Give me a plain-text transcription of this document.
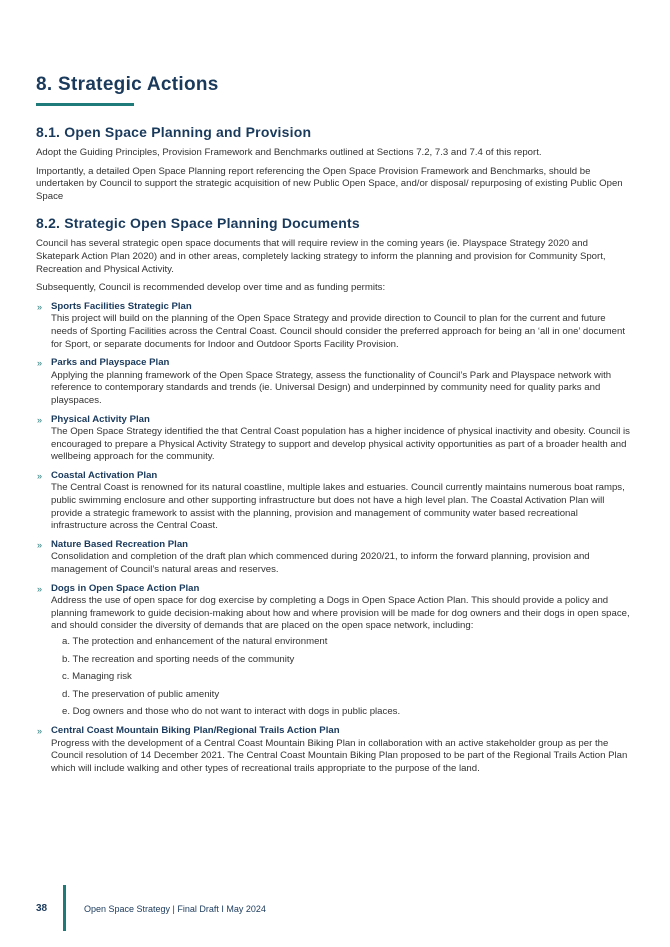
8. Strategic Actions
8.1. Open Space Planning and Provision

Adopt the Guiding Principles, Provision Framework and Benchmarks outlined at Sections 7.2, 7.3 and 7.4 of this report.

Importantly, a detailed Open Space Planning report referencing the Open Space Provision Framework and Benchmarks, should be undertaken by Council to support the strategic acquisition of new Public Open Space, and/or disposal/ repurposing of existing Public Open Space

8.2. Strategic Open Space Planning Documents

Council has several strategic open space documents that will require review in the coming years (ie. Playspace Strategy 2020 and Skatepark Action Plan 2020) and in other areas, completely lacking strategy to inform the planning and provision for Community Sport, Recreation and Physical Activity.

Subsequently, Council is recommended develop over time and as funding permits:

» Sports Facilities Strategic Plan
This project will build on the planning of the Open Space Strategy and provide direction to Council to plan for the current and future needs of Sporting Facilities across the Central Coast. Council should consider the preferred approach for being an ‘all in one’ document for Sport, or separate documents for Indoor and Outdoor Sports Facility Provision.
» Parks and Playspace Plan
Applying the planning framework of the Open Space Strategy, assess the functionality of Council’s Park and Playspace network with reference to contemporary standards and trends (ie. Universal Design) and underpinned by community need for quality parks and playspaces.
» Physical Activity Plan
The Open Space Strategy identified the that Central Coast population has a higher incidence of physical inactivity and obesity. Council is encouraged to prepare a Physical Activity Strategy to support and develop physical activity opportunities as part of a broader health and wellbeing approach for the community.
» Coastal Activation Plan
The Central Coast is renowned for its natural coastline, multiple lakes and estuaries. Council currently maintains numerous boat ramps, public swimming enclosure and other supporting infrastructure but does not have a high level plan. The Coastal Activation Plan will provide a strategic framework to assist with the planning, provision and management of community water based recreational infrastructure across the Central Coast.
» Nature Based Recreation Plan
Consolidation and completion of the draft plan which commenced during 2020/21, to inform the forward planning, provision and management of Council’s natural areas and reserves.
» Dogs in Open Space Action Plan
Address the use of open space for dog exercise by completing a Dogs in Open Space Action Plan. This should provide a policy and planning framework to guide decision-making about how and where provision will be made for dog owners and their dogs in open space, and should consider the diversity of demands that are placed on the open space network, including:
a. The protection and enhancement of the natural environment
b. The recreation and sporting needs of the community
c. Managing risk
d. The preservation of public amenity
e. Dog owners and those who do not want to interact with dogs in public places.
» Central Coast Mountain Biking Plan/Regional Trails Action Plan
Progress with the development of a Central Coast Mountain Biking Plan in collaboration with an active stakeholder group as per the Council resolution of 14 December 2021. The Central Coast Mountain Biking Plan proposed to be part of the Regional Trails Action Plan which will include walking and other types of recreational trails appropriate to the purpose of the land.
38	Open Space Strategy | Final Draft I May 2024
